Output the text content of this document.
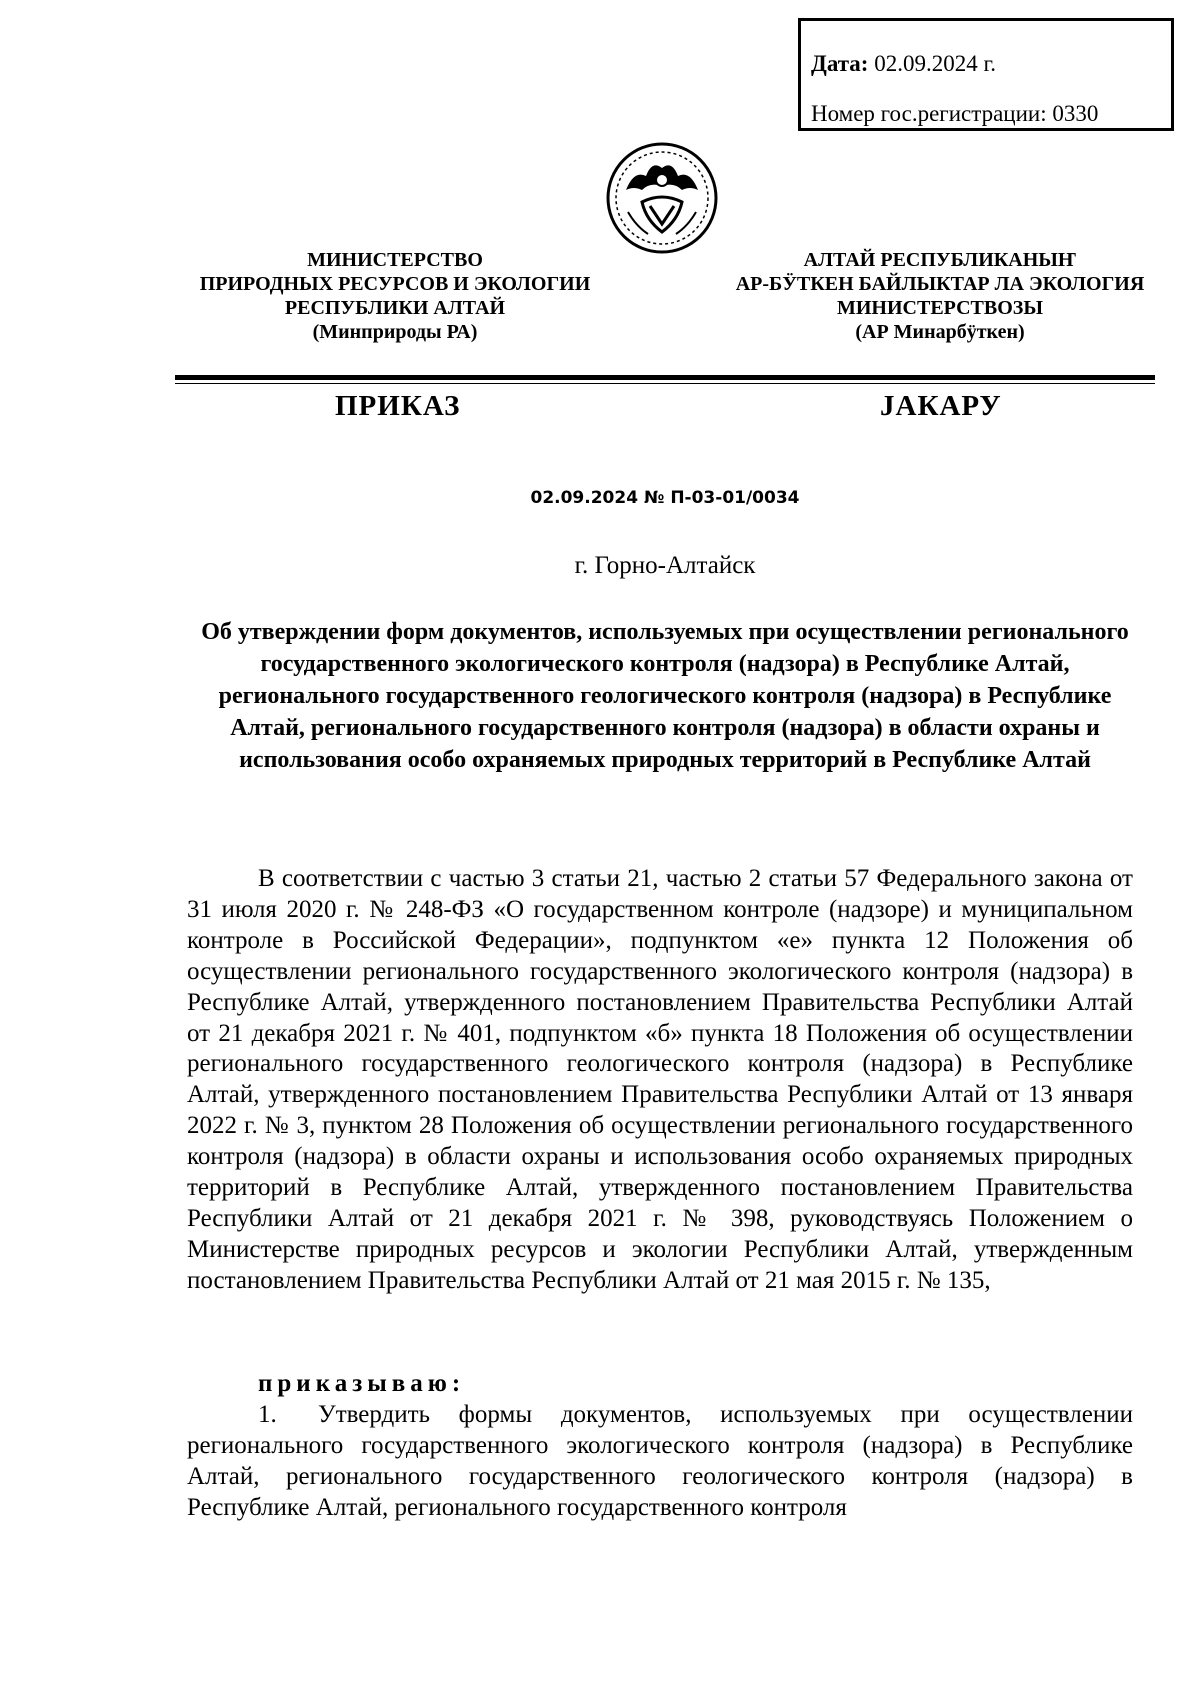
Дата: 02.09.2024 г.
Номер гос.регистрации: 0330
МИНИСТЕРСТВО
ПРИРОДНЫХ РЕСУРСОВ И ЭКОЛОГИИ
РЕСПУБЛИКИ АЛТАЙ
(Минприроды РА)
АЛТАЙ РЕСПУБЛИКАНЫҤ
АР-БӰТКЕН БАЙЛЫКТАР ЛА ЭКОЛОГИЯ
МИНИСТЕРСТВОЗЫ
(АР Минарбӱткен)
ПРИКАЗ	JАКАРУ
02.09.2024 № П-03-01/0034
г. Горно-Алтайск
Об утверждении форм документов, используемых при осуществлении регионального государственного экологического контроля (надзора) в Республике Алтай, регионального государственного геологического контроля (надзора) в Республике Алтай, регионального государственного контроля (надзора) в области охраны и использования особо охраняемых природных территорий в Республике Алтай
В соответствии с частью 3 статьи 21, частью 2 статьи 57 Федерального закона от 31 июля 2020 г. № 248-ФЗ «О государственном контроле (надзоре) и муниципальном контроле в Российской Федерации», подпунктом «е» пункта 12 Положения об осуществлении регионального государственного экологического контроля (надзора) в Республике Алтай, утвержденного постановлением Правительства Республики Алтай от 21 декабря 2021 г. № 401, подпунктом «б» пункта 18 Положения об осуществлении регионального государственного геологического контроля (надзора) в Республике Алтай, утвержденного постановлением Правительства Республики Алтай от 13 января 2022 г. № 3, пунктом 28 Положения об осуществлении регионального государственного контроля (надзора) в области охраны и использования особо охраняемых природных территорий в Республике Алтай, утвержденного постановлением Правительства Республики Алтай от 21 декабря 2021 г. № 398, руководствуясь Положением о Министерстве природных ресурсов и экологии Республики Алтай, утвержденным постановлением Правительства Республики Алтай от 21 мая 2015 г. № 135,
приказываю:
1. Утвердить формы документов, используемых при осуществлении регионального государственного экологического контроля (надзора) в Республике Алтай, регионального государственного геологического контроля (надзора) в Республике Алтай, регионального государственного контроля
